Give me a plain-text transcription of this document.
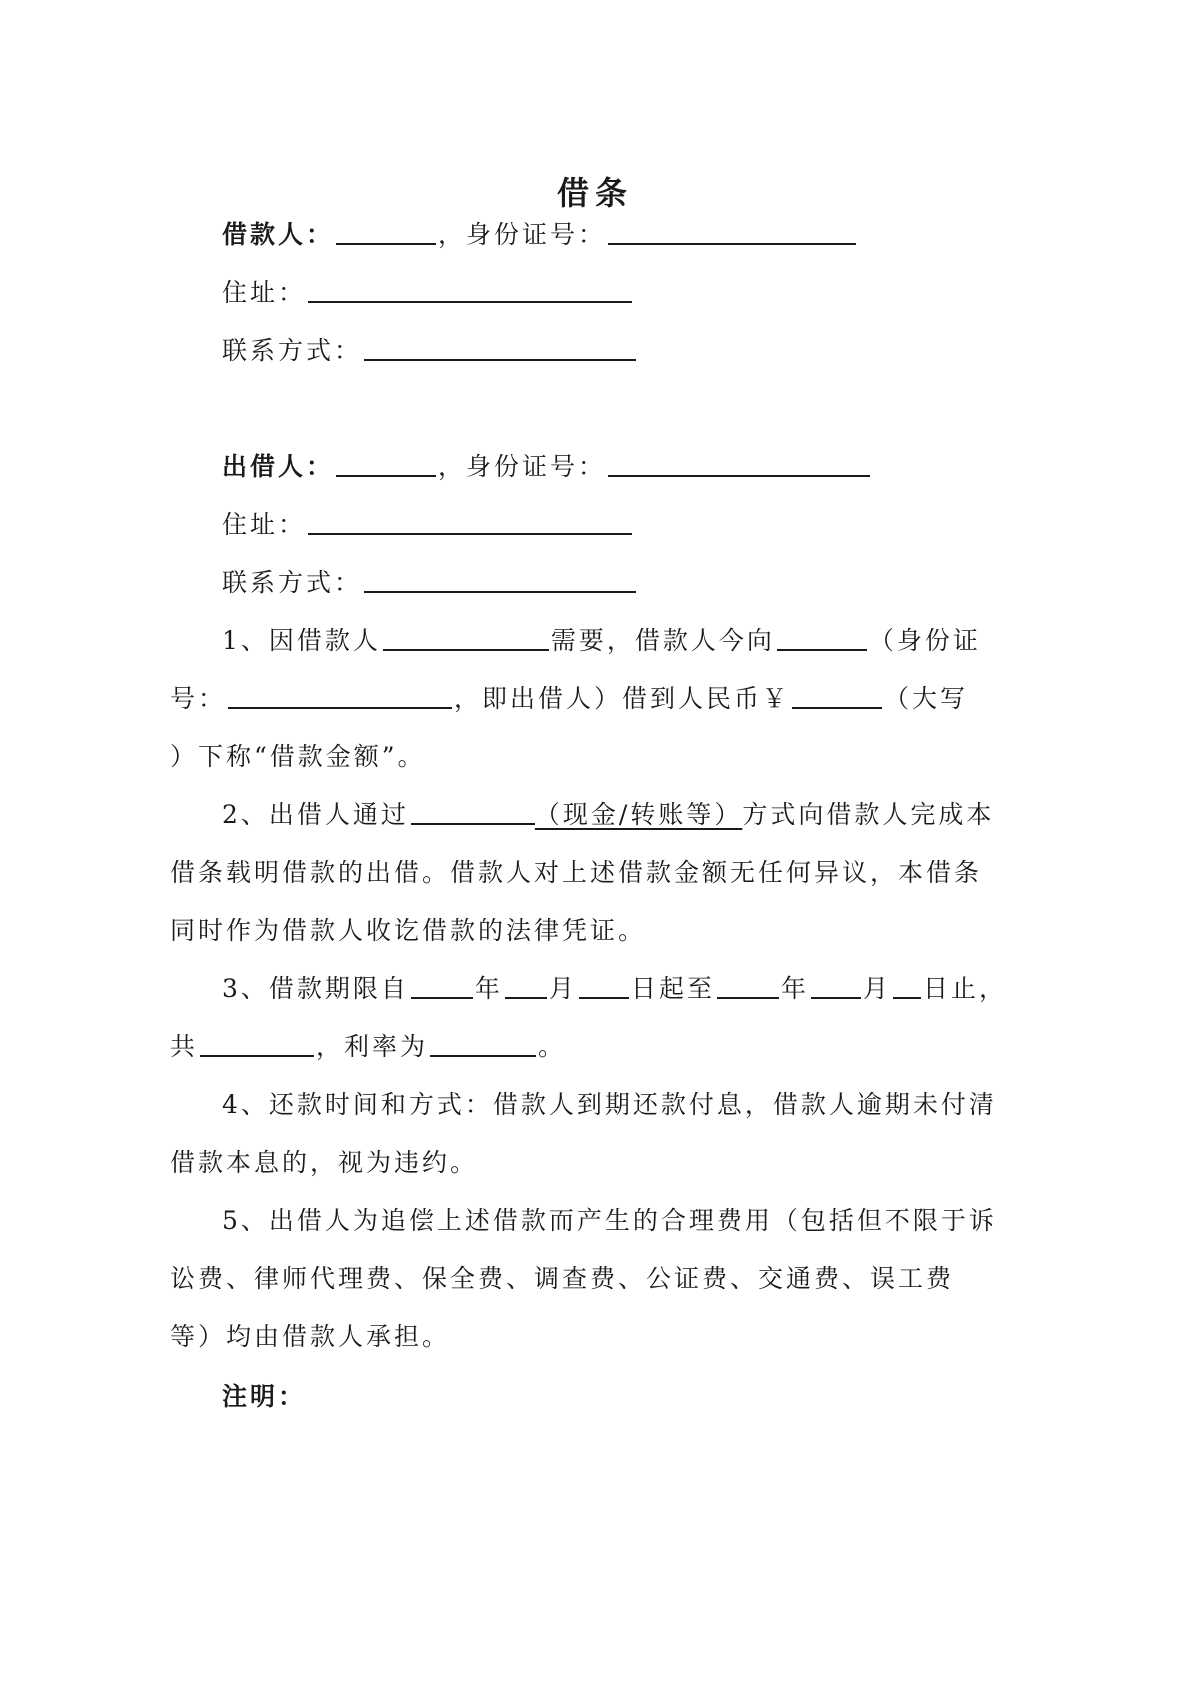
借条
借款人：	，身份证号：
住址：
联系方式：
出借人：	，身份证号：
住址：
联系方式：
1、因借款人	需要，借款人今向	（身份证
号：	，即出借人）借到人民币￥	（大写
）下称“借款金额”。
2、出借人通过	（现金/转账等）方式向借款人完成本
借条载明借款的出借。借款人对上述借款金额无任何异议，本借条
同时作为借款人收讫借款的法律凭证。
3、借款期限自	年 月 日起至	年 月 日止，
共	，利率为	。
4、还款时间和方式：借款人到期还款付息，借款人逾期未付清
借款本息的，视为违约。
5、出借人为追偿上述借款而产生的合理费用（包括但不限于诉
讼费、律师代理费、保全费、调查费、公证费、交通费、误工费
等）均由借款人承担。
注明：
